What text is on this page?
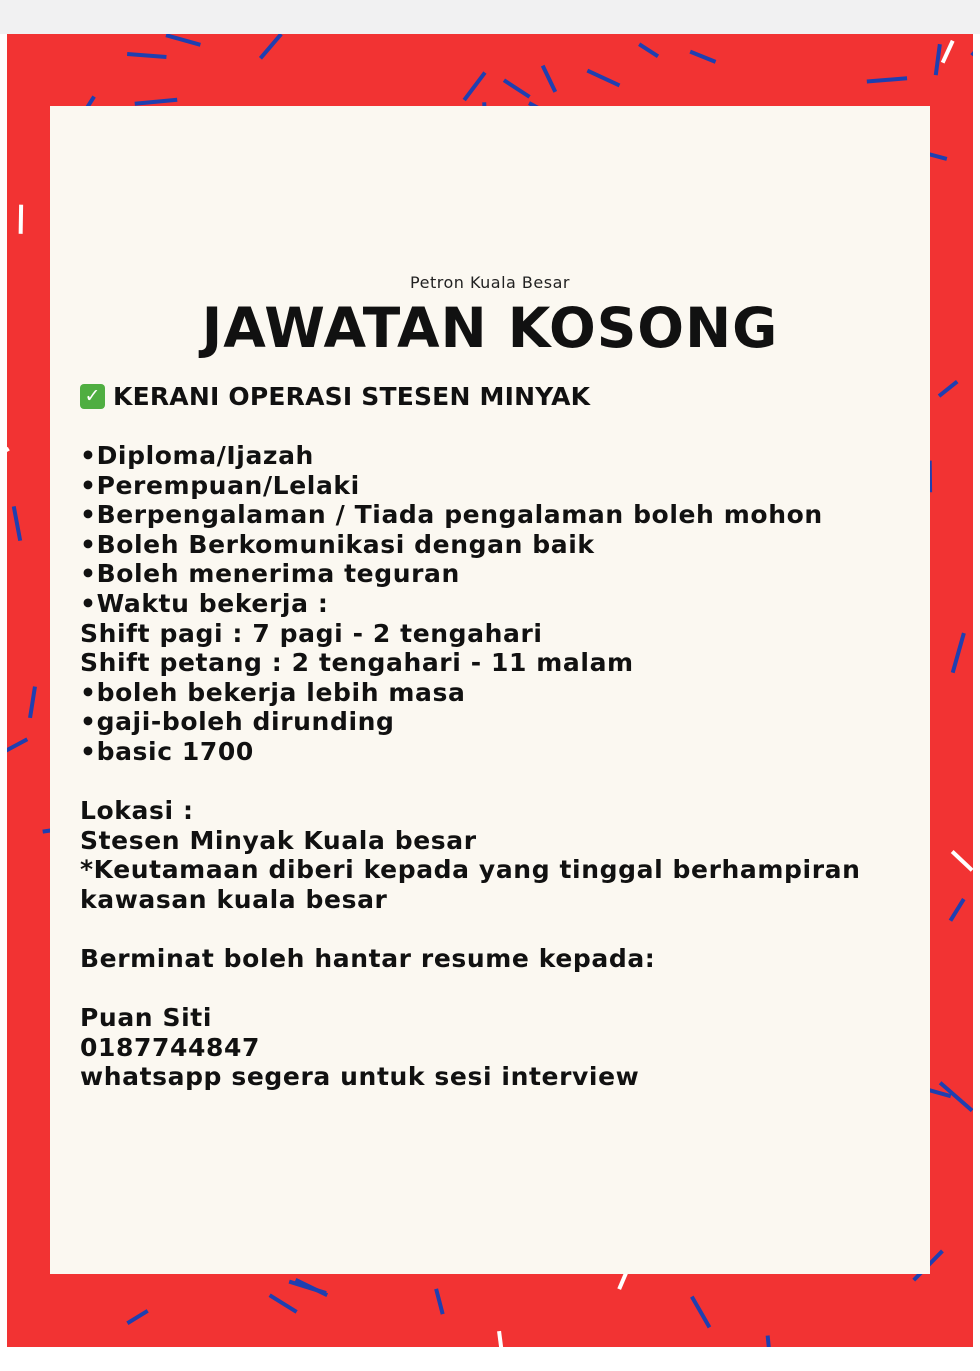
JAWATAN KOSONG
Petron Kuala Besar
✓ KERANI OPERASI STESEN MINYAK
•Diploma/Ijazah
•Perempuan/Lelaki
•Berpengalaman / Tiada pengalaman boleh mohon
•Boleh Berkomunikasi dengan baik
•Boleh menerima teguran
•Waktu bekerja :
Shift pagi : 7 pagi - 2 tengahari
Shift petang : 2 tengahari - 11 malam
•boleh bekerja lebih masa
•gaji-boleh dirunding
•basic 1700
Lokasi :
Stesen Minyak Kuala besar
*Keutamaan diberi kepada yang tinggal berhampiran
kawasan kuala besar
Berminat boleh hantar resume kepada:
Puan Siti
0187744847
whatsapp segera untuk sesi interview
